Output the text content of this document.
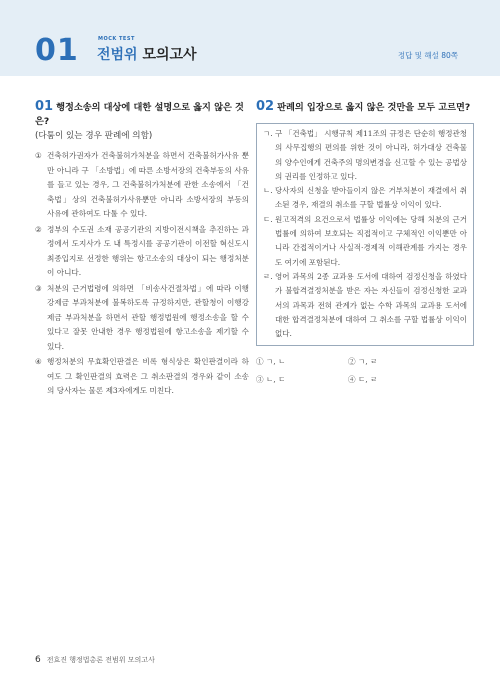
01	MOCK TEST
전범위 모의고사	정답 및 해설 80쪽
01 행정소송의 대상에 대한 설명으로 옳지 않은 것은?
(다툼이 있는 경우 판례에 의함)
① 건축허가권자가 건축불허가처분을 하면서 건축불허가사유 뿐만 아니라 구 「소방법」에 따른 소방서장의 건축부동의 사유를 들고 있는 경우, 그 건축불허가처분에 관한 소송에서 「건축법」상의 건축불허가사유뿐만 아니라 소방서장의 부동의 사유에 관하여도 다툴 수 있다.
② 정부의 수도권 소재 공공기관의 지방이전시책을 추진하는 과정에서 도지사가 도 내 특정시를 공공기관이 이전할 혁신도시 최종입지로 선정한 행위는 항고소송의 대상이 되는 행정처분이 아니다.
③ 처분의 근거법령에 의하면 「비송사건절차법」에 따라 이행강제금 부과처분에 불복하도록 규정하지만, 관할청이 이행강제금 부과처분을 하면서 관할 행정법원에 행정소송을 할 수 있다고 잘못 안내한 경우 행정법원에 항고소송을 제기할 수 있다.
④ 행정처분의 무효확인판결은 비록 형식상은 확인판결이라 하여도 그 확인판결의 효력은 그 취소판결의 경우와 같이 소송의 당사자는 물론 제3자에게도 미친다.
02 판례의 입장으로 옳지 않은 것만을 모두 고르면?
ㄱ. 구 「건축법」 시행규칙 제11조의 규정은 단순히 행정관청의 사무집행의 편의를 위한 것이 아니라, 허가대상 건축물의 양수인에게 건축주의 명의변경을 신고할 수 있는 공법상의 권리를 인정하고 있다.
ㄴ. 당사자의 신청을 받아들이지 않은 거부처분이 재결에서 취소된 경우, 재결의 취소를 구할 법률상 이익이 있다.
ㄷ. 원고적격의 요건으로서 법률상 이익에는 당해 처분의 근거 법률에 의하여 보호되는 직접적이고 구체적인 이익뿐만 아니라 간접적이거나 사실적·경제적 이해관계를 가지는 경우도 여기에 포함된다.
ㄹ. 영어 과목의 2종 교과용 도서에 대하여 검정신청을 하였다가 불합격결정처분을 받은 자는 자신들이 검정신청한 교과서의 과목과 전혀 관계가 없는 수학 과목의 교과용 도서에 대한 합격결정처분에 대하여 그 취소를 구할 법률상 이익이 없다.
① ㄱ, ㄴ	② ㄱ, ㄹ
③ ㄴ, ㄷ	④ ㄷ, ㄹ
6 전효진 행정법총론 전범위 모의고사
